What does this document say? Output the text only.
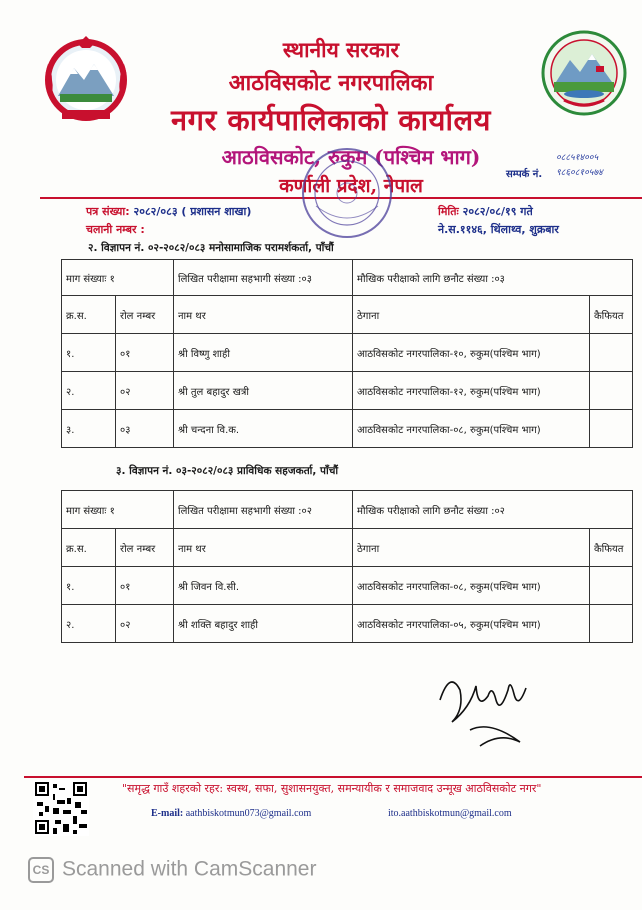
स्थानीय सरकार
आठविसकोट नगरपालिका
नगर कार्यपालिकाको कार्यालय
आठविसकोट, रुकुम (पश्चिम भाग)
कर्णाली प्रदेश, नेपाल
सम्पर्क नं.
०८८५१४००५
९८६०८१०५७४
पत्र संख्या: २०८२/०८३ ( प्रशासन शाखा)
चलानी नम्बर :
मितिः २०८२/०८/१९ गते
ने.स.११४६, थिंलाथ्व, शुक्रबार
२. विज्ञापन नं. ०२-२०८२/०८३ मनोसामाजिक परामर्शकर्ता, पाँचौं
माग संख्याः १		लिखित परीक्षामा सहभागी संख्या :०३	मौखिक परीक्षाको लागि छनौट संख्या :०३	
क्र.स.	रोल नम्बर	नाम थर	ठेगाना	कैफियत
१.	०१	श्री विष्णु शाही	आठविसकोट नगरपालिका-१०, रुकुम(पश्चिम भाग)	
२.	०२	श्री तुल बहादुर खत्री	आठविसकोट नगरपालिका-१२, रुकुम(पश्चिम भाग)	
३.	०३	श्री चन्दना वि.क.	आठविसकोट नगरपालिका-०८, रुकुम(पश्चिम भाग)	
३. विज्ञापन नं. ०३-२०८२/०८३ प्राविधिक सहजकर्ता, पाँचौं
माग संख्याः १		लिखित परीक्षामा सहभागी संख्या :०२	मौखिक परीक्षाको लागि छनौट संख्या :०२	
क्र.स.	रोल नम्बर	नाम थर	ठेगाना	कैफियत
१.	०१	श्री जिवन वि.सी.	आठविसकोट नगरपालिका-०८, रुकुम(पश्चिम भाग)	
२.	०२	श्री शक्ति बहादुर शाही	आठविसकोट नगरपालिका-०५, रुकुम(पश्चिम भाग)	
"समृद्ध गाउँ शहरको रहर: स्वस्थ, सफा, सुशासनयुक्त, समन्यायीक र समाजवाद उन्मूख आठविसकोट नगर"
E-mail: aathbiskotmun073@gmail.com	ito.aathbiskotmun@gmail.com
CS Scanned with CamScanner
